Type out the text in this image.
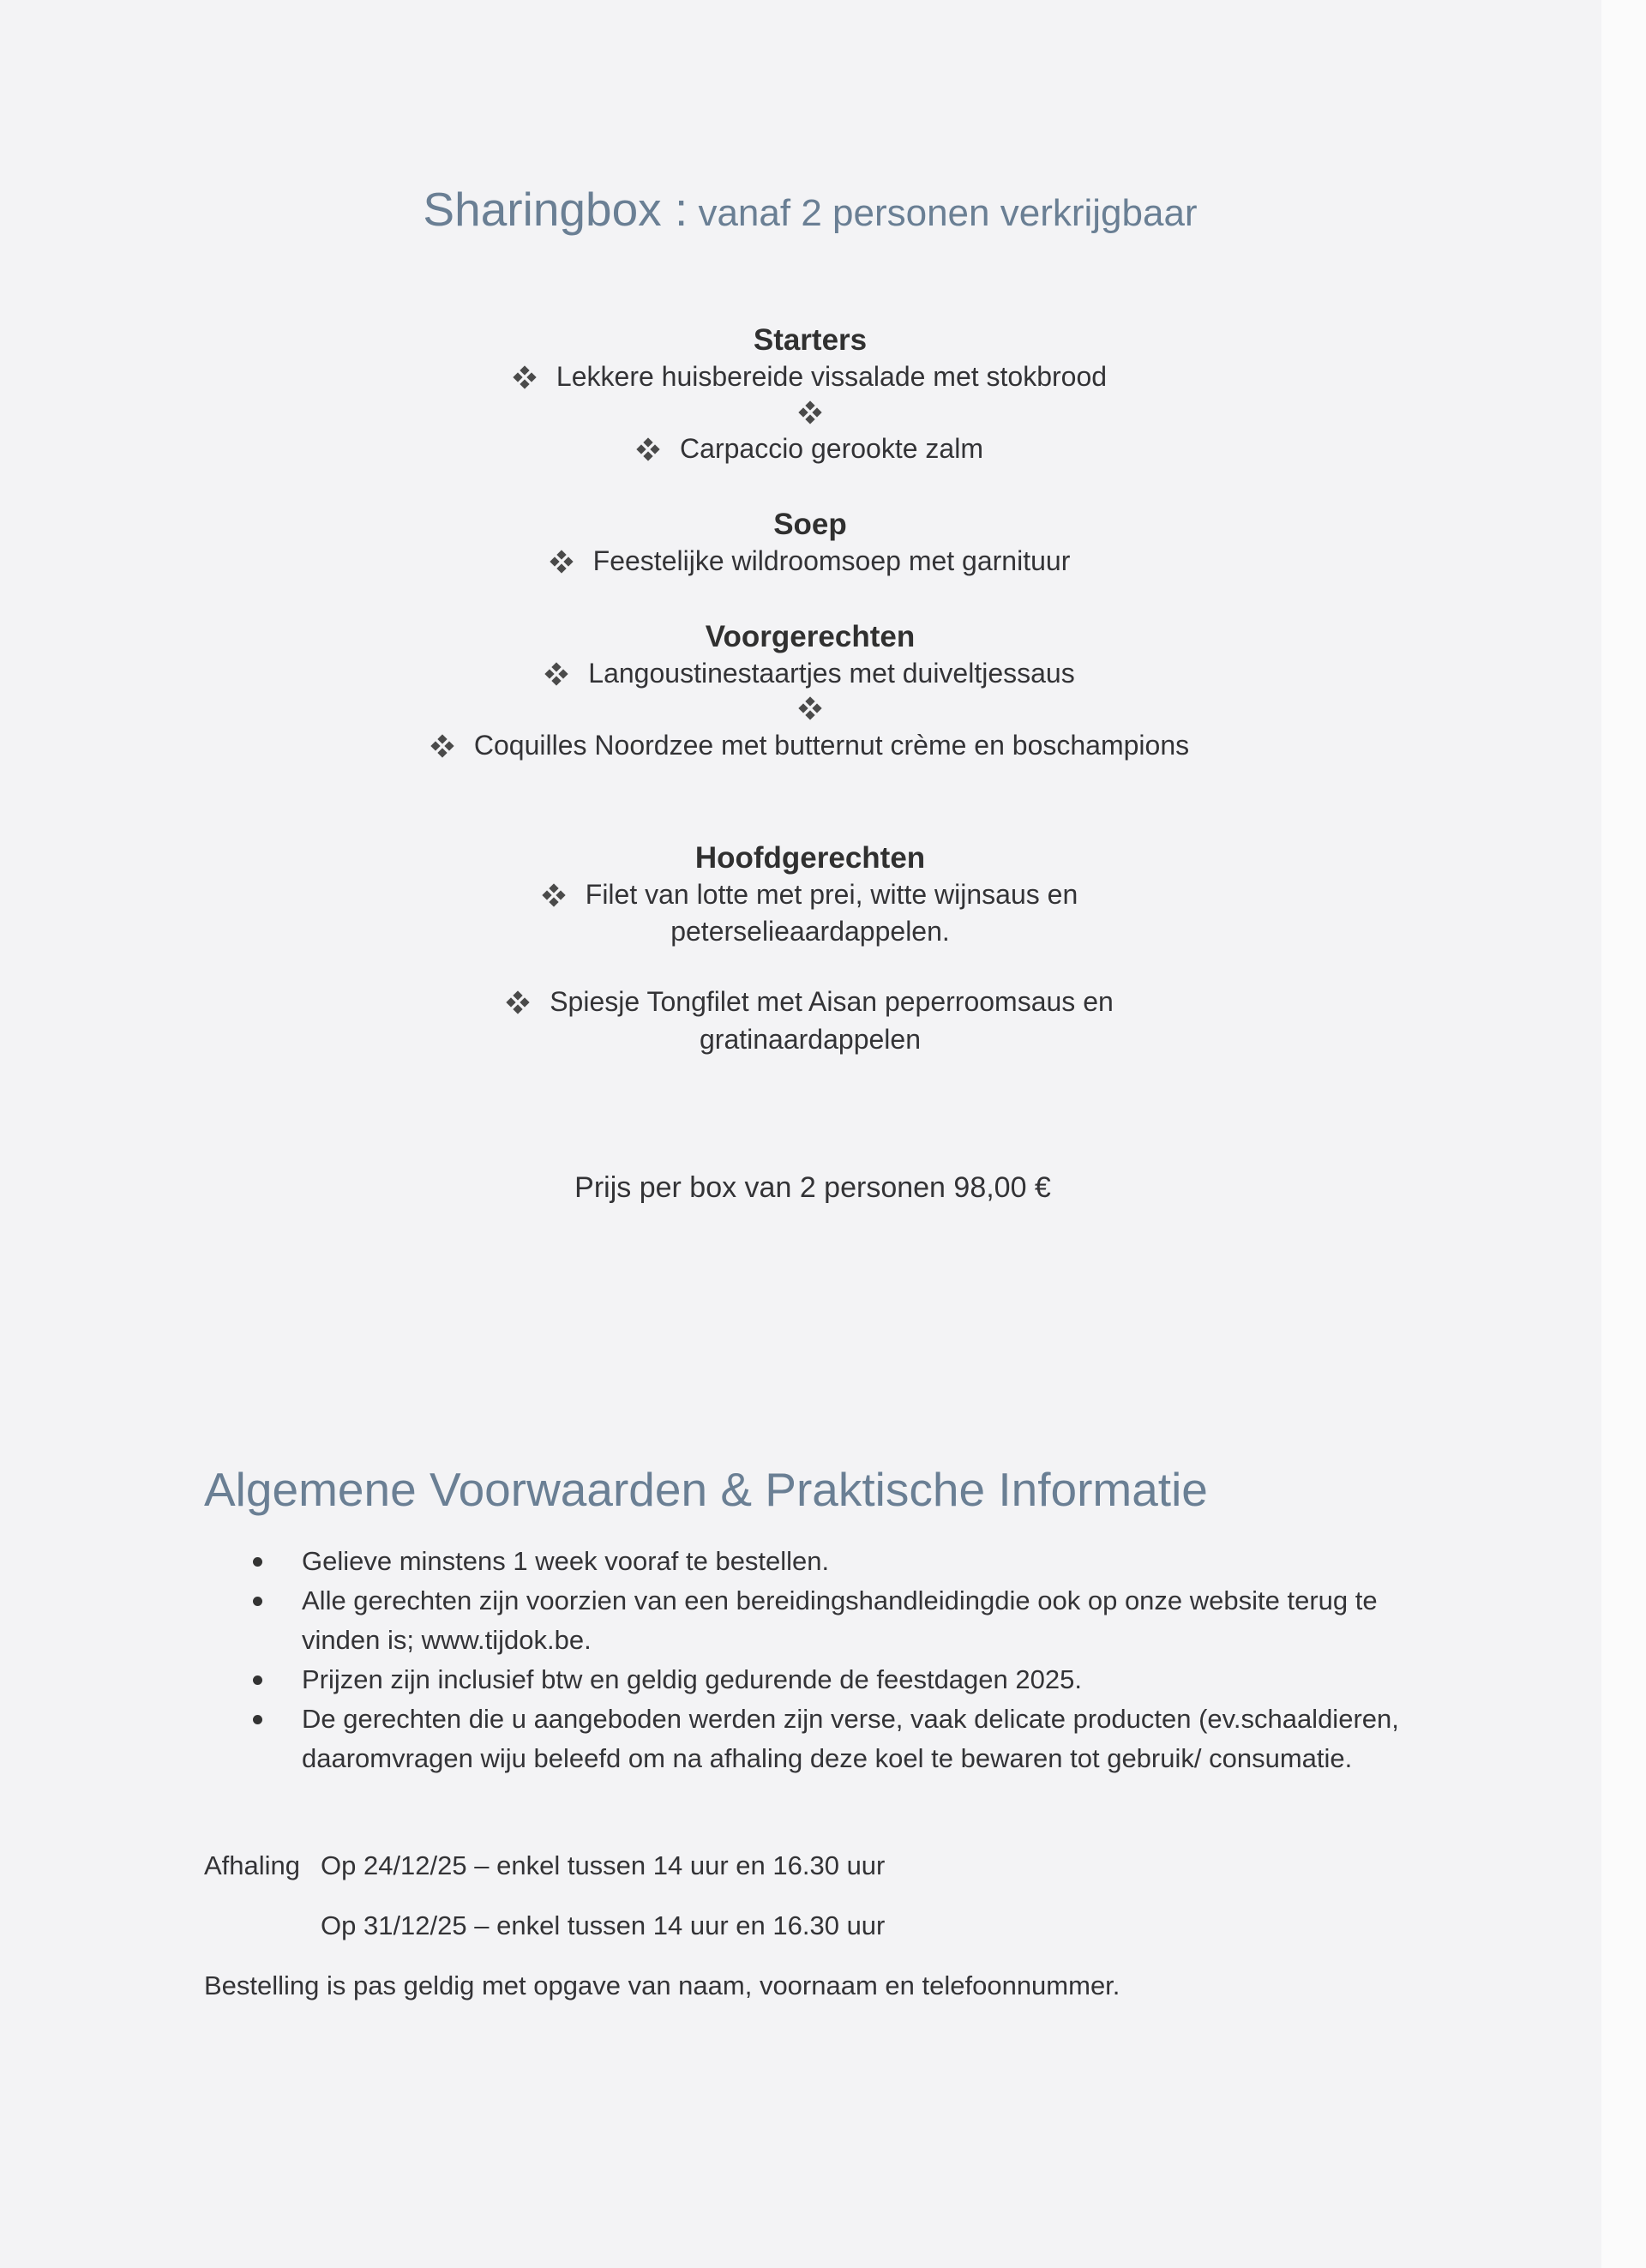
Sharingbox : vanaf 2 personen verkrijgbaar
Starters
Lekkere huisbereide vissalade met stokbrood
Carpaccio gerookte zalm
Soep
Feestelijke wildroomsoep met garnituur
Voorgerechten
Langoustinestaartjes met duiveltjessaus
Coquilles Noordzee met butternut crème en boschampions
Hoofdgerechten
Filet van lotte met prei, witte wijnsaus en
peterselieaardappelen.
Spiesje Tongfilet met Aisan peperroomsaus en
gratinaardappelen
Prijs per box van 2 personen 98,00 €
Algemene Voorwaarden & Praktische Informatie
Gelieve minstens 1 week vooraf te bestellen.
Alle gerechten zijn voorzien van een bereidingshandleidingdie ook op onze website terug te vinden is; www.tijdok.be.
Prijzen zijn inclusief btw en geldig gedurende de feestdagen 2025.
De gerechten die u aangeboden werden zijn verse, vaak delicate producten (ev.schaaldieren, daaromvragen wiju beleefd om na afhaling deze koel te bewaren tot gebruik/ consumatie.
Afhaling Op 24/12/25 – enkel tussen 14 uur en 16.30 uur
Op 31/12/25 – enkel tussen 14 uur en 16.30 uur
Bestelling is pas geldig met opgave van naam, voornaam en telefoonnummer.
